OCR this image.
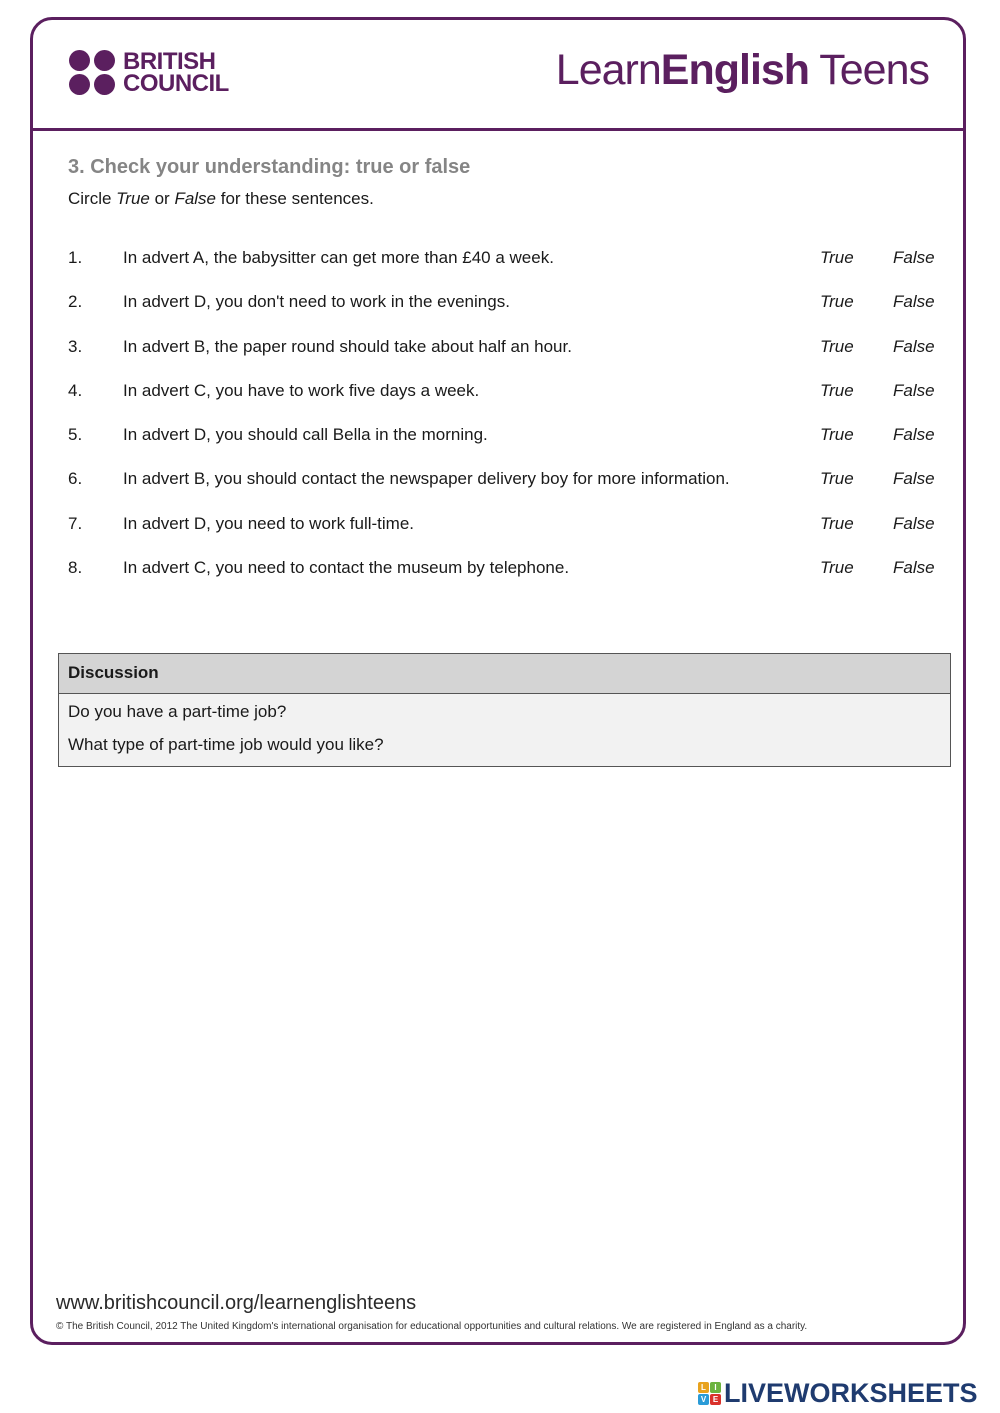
BRITISH
COUNCIL	LearnEnglish Teens
3. Check your understanding: true or false
Circle True or False for these sentences.
1. In advert A, the babysitter can get more than £40 a week.	True False
2. In advert D, you don't need to work in the evenings.	True False
3. In advert B, the paper round should take about half an hour.	True False
4. In advert C, you have to work five days a week.	True False
5. In advert D, you should call Bella in the morning.	True False
6. In advert B, you should contact the newspaper delivery boy for more information.	True False
7. In advert D, you need to work full-time.	True False
8. In advert C, you need to contact the museum by telephone.	True False
Discussion
Do you have a part-time job?
What type of part-time job would you like?
www.britishcouncil.org/learnenglishteens
© The British Council, 2012 The United Kingdom's international organisation for educational opportunities and cultural relations. We are registered in England as a charity.
L	I
V E LIVEWORKSHEETS
